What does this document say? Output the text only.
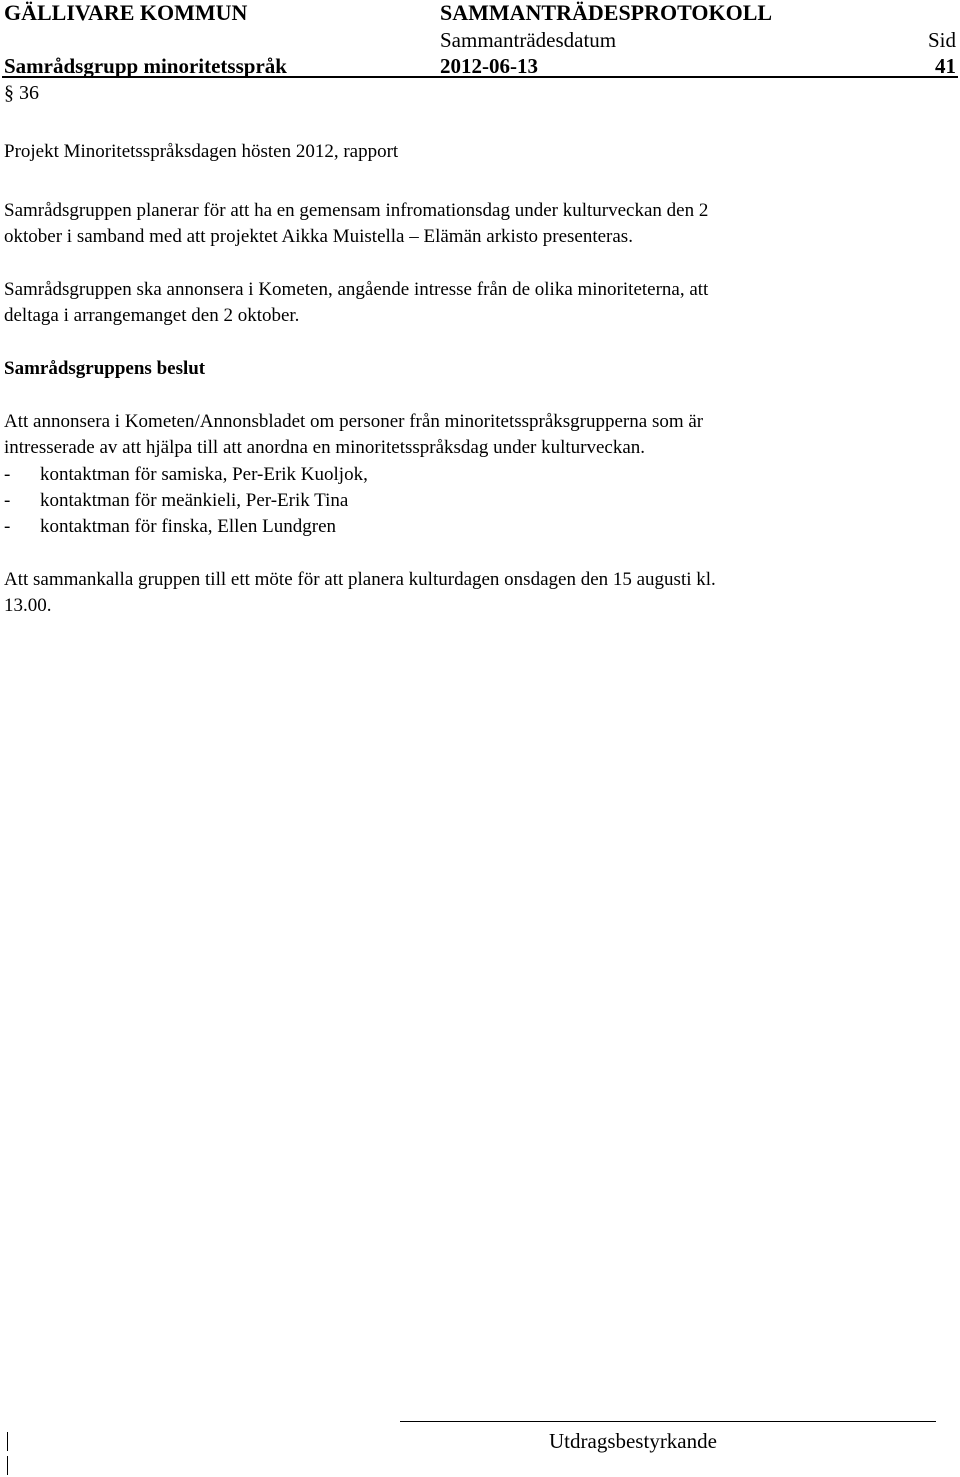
GÄLLIVARE KOMMUN	SAMMANTRÄDESPROTOKOLL
Sammanträdesdatum	Sid
Samrådsgrupp minoritetsspråk	2012-06-13	41
§ 36
Projekt Minoritetsspråksdagen hösten 2012, rapport
Samrådsgruppen planerar för att ha en gemensam infromationsdag under kulturveckan den 2
oktober i samband med att projektet Aikka Muistella – Elämän arkisto presenteras.
Samrådsgruppen ska annonsera i Kometen, angående intresse från de olika minoriteterna, att
deltaga i arrangemanget den 2 oktober.
Samrådsgruppens beslut
Att annonsera i Kometen/Annonsbladet om personer från minoritetsspråksgrupperna som är
intresserade av att hjälpa till att anordna en minoritetsspråksdag under kulturveckan.
- kontaktman för samiska, Per-Erik Kuoljok,
- kontaktman för meänkieli, Per-Erik Tina
- kontaktman för finska, Ellen Lundgren
Att sammankalla gruppen till ett möte för att planera kulturdagen onsdagen den 15 augusti kl.
13.00.
Utdragsbestyrkande
